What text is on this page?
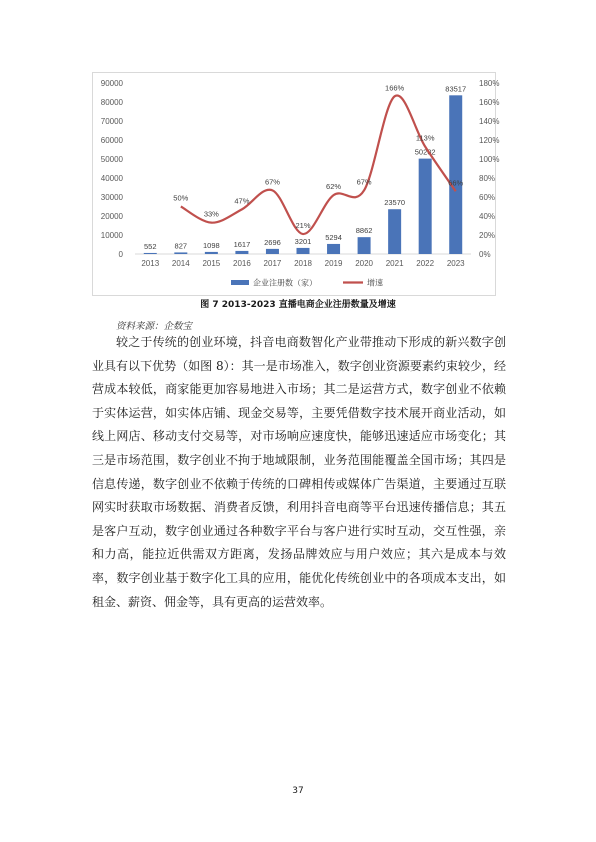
0
10000
20000
30000
40000
50000
60000
70000
80000
90000
0%
20%
40%
60%
80%
100%
120%
140%
160%
180%
552 827 1098 1617 2696 3201 5294
8862
23570
50202
83517
2013 2014 2015 2016 2017 2018 2019 2020 2021 2022 2023
50%
33%
47%
67%
21%
62%
67%
166%
113%
66%
企业注册数（家）	增速
图 7 2013-2023 直播电商企业注册数量及增速
资料来源：企数宝

较之于传统的创业环境，抖音电商数智化产业带推动下形成的新兴数字创业具有以下优势（如图 8）：其一是市场准入，数字创业资源要素约束较少，经营成本较低，商家能更加容易地进入市场；其二是运营方式，数字创业不依赖于实体运营，如实体店铺、现金交易等，主要凭借数字技术展开商业活动，如线上网店、移动支付交易等，对市场响应速度快，能够迅速适应市场变化；其三是市场范围，数字创业不拘于地域限制，业务范围能覆盖全国市场；其四是信息传递，数字创业不依赖于传统的口碑相传或媒体广告渠道，主要通过互联网实时获取市场数据、消费者反馈，利用抖音电商等平台迅速传播信息；其五是客户互动，数字创业通过各种数字平台与客户进行实时互动，交互性强，亲和力高，能拉近供需双方距离，发扬品牌效应与用户效应；其六是成本与效率，数字创业基于数字化工具的应用，能优化传统创业中的各项成本支出，如租金、薪资、佣金等，具有更高的运营效率。

37
